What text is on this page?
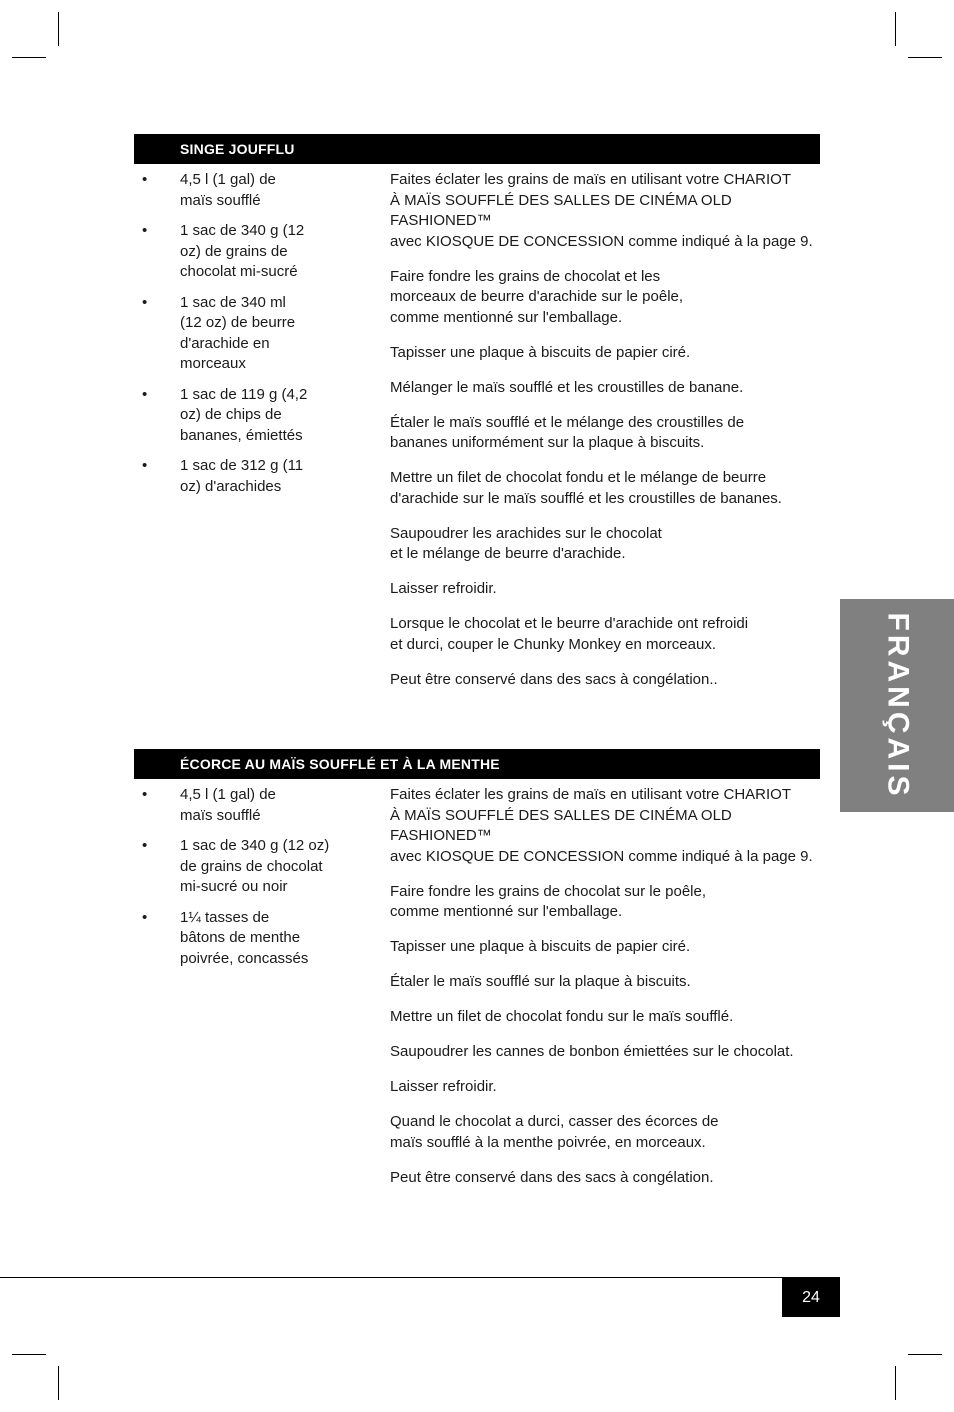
SINGE JOUFFLU
• 4,5 l (1 gal) de
maïs soufflé
• 1 sac de 340 g (12
oz) de grains de
chocolat mi-sucré
• 1 sac de 340 ml
(12 oz) de beurre
d'arachide en
morceaux
• 1 sac de 119 g (4,2
oz) de chips de
bananes, émiettés
• 1 sac de 312 g (11
oz) d'arachides

Faites éclater les grains de maïs en utilisant votre CHARIOT
À MAÏS SOUFFLÉ DES SALLES DE CINÉMA OLD FASHIONED™
avec KIOSQUE DE CONCESSION comme indiqué à la page 9.

Faire fondre les grains de chocolat et les
morceaux de beurre d'arachide sur le poêle,
comme mentionné sur l'emballage.

Tapisser une plaque à biscuits de papier ciré.

Mélanger le maïs soufflé et les croustilles de banane.

Étaler le maïs soufflé et le mélange des croustilles de
bananes uniformément sur la plaque à biscuits.

Mettre un filet de chocolat fondu et le mélange de beurre
d'arachide sur le maïs soufflé et les croustilles de bananes.

Saupoudrer les arachides sur le chocolat
et le mélange de beurre d'arachide.

Laisser refroidir.

Lorsque le chocolat et le beurre d'arachide ont refroidi
et durci, couper le Chunky Monkey en morceaux.

Peut être conservé dans des sacs à congélation..

ÉCORCE AU MAÏS SOUFFLÉ ET À LA MENTHE
• 4,5 l (1 gal) de
maïs soufflé
• 1 sac de 340 g (12 oz)
de grains de chocolat
mi-sucré ou noir
• 1¼ tasses de
bâtons de menthe
poivrée, concassés

Faites éclater les grains de maïs en utilisant votre CHARIOT
À MAÏS SOUFFLÉ DES SALLES DE CINÉMA OLD FASHIONED™
avec KIOSQUE DE CONCESSION comme indiqué à la page 9.

Faire fondre les grains de chocolat sur le poêle,
comme mentionné sur l'emballage.

Tapisser une plaque à biscuits de papier ciré.

Étaler le maïs soufflé sur la plaque à biscuits.

Mettre un filet de chocolat fondu sur le maïs soufflé.

Saupoudrer les cannes de bonbon émiettées sur le chocolat.

Laisser refroidir.

Quand le chocolat a durci, casser des écorces de
maïs soufflé à la menthe poivrée, en morceaux.

Peut être conservé dans des sacs à congélation.

FRANÇAIS
24
